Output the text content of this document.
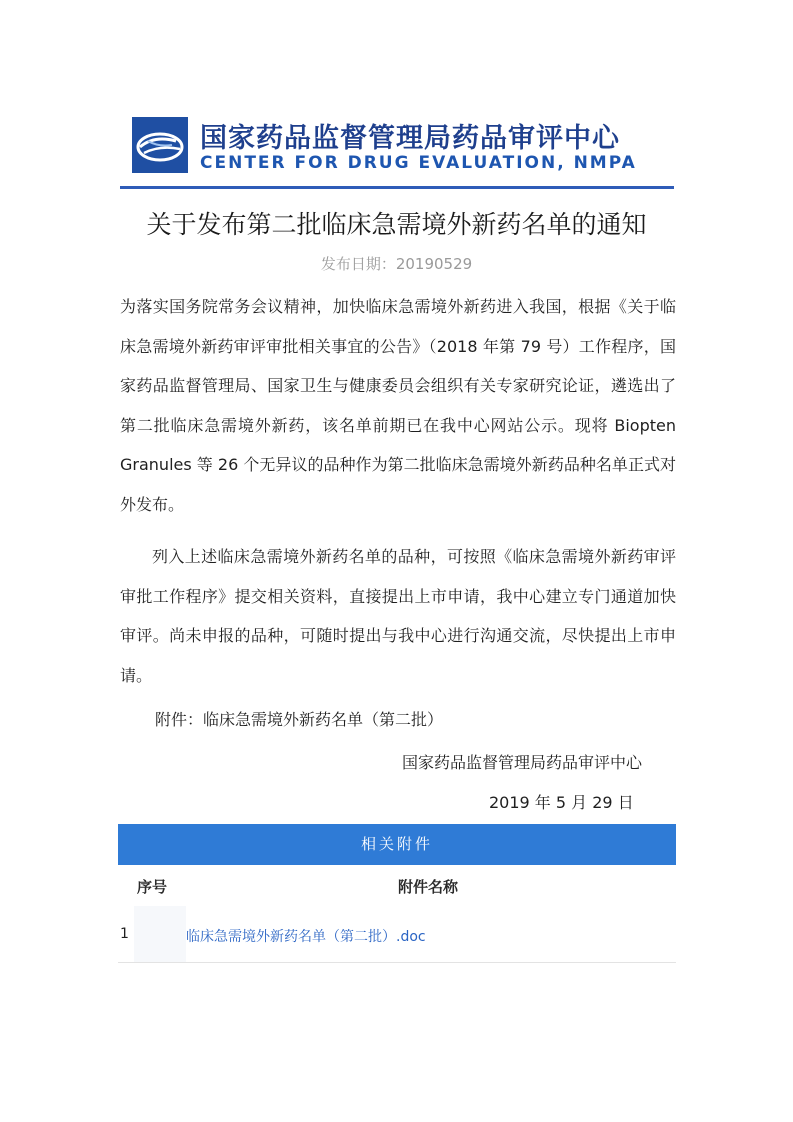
国家药品监督管理局药品审评中心
CENTER FOR DRUG EVALUATION, NMPA
关于发布第二批临床急需境外新药名单的通知
发布日期：20190529
为落实国务院常务会议精神，加快临床急需境外新药进入我国，根据《关于临床急需境外新药审评审批相关事宜的公告》（2018 年第 79 号）工作程序，国家药品监督管理局、国家卫生与健康委员会组织有关专家研究论证，遴选出了第二批临床急需境外新药，该名单前期已在我中心网站公示。现将 Biopten Granules 等 26 个无异议的品种作为第二批临床急需境外新药品种名单正式对外发布。
列入上述临床急需境外新药名单的品种，可按照《临床急需境外新药审评审批工作程序》提交相关资料，直接提出上市申请，我中心建立专门通道加快审评。尚未申报的品种，可随时提出与我中心进行沟通交流，尽快提出上市申请。
附件：临床急需境外新药名单（第二批）
国家药品监督管理局药品审评中心
2019 年 5 月 29 日
相关附件
序号	附件名称
1	临床急需境外新药名单（第二批）.doc
